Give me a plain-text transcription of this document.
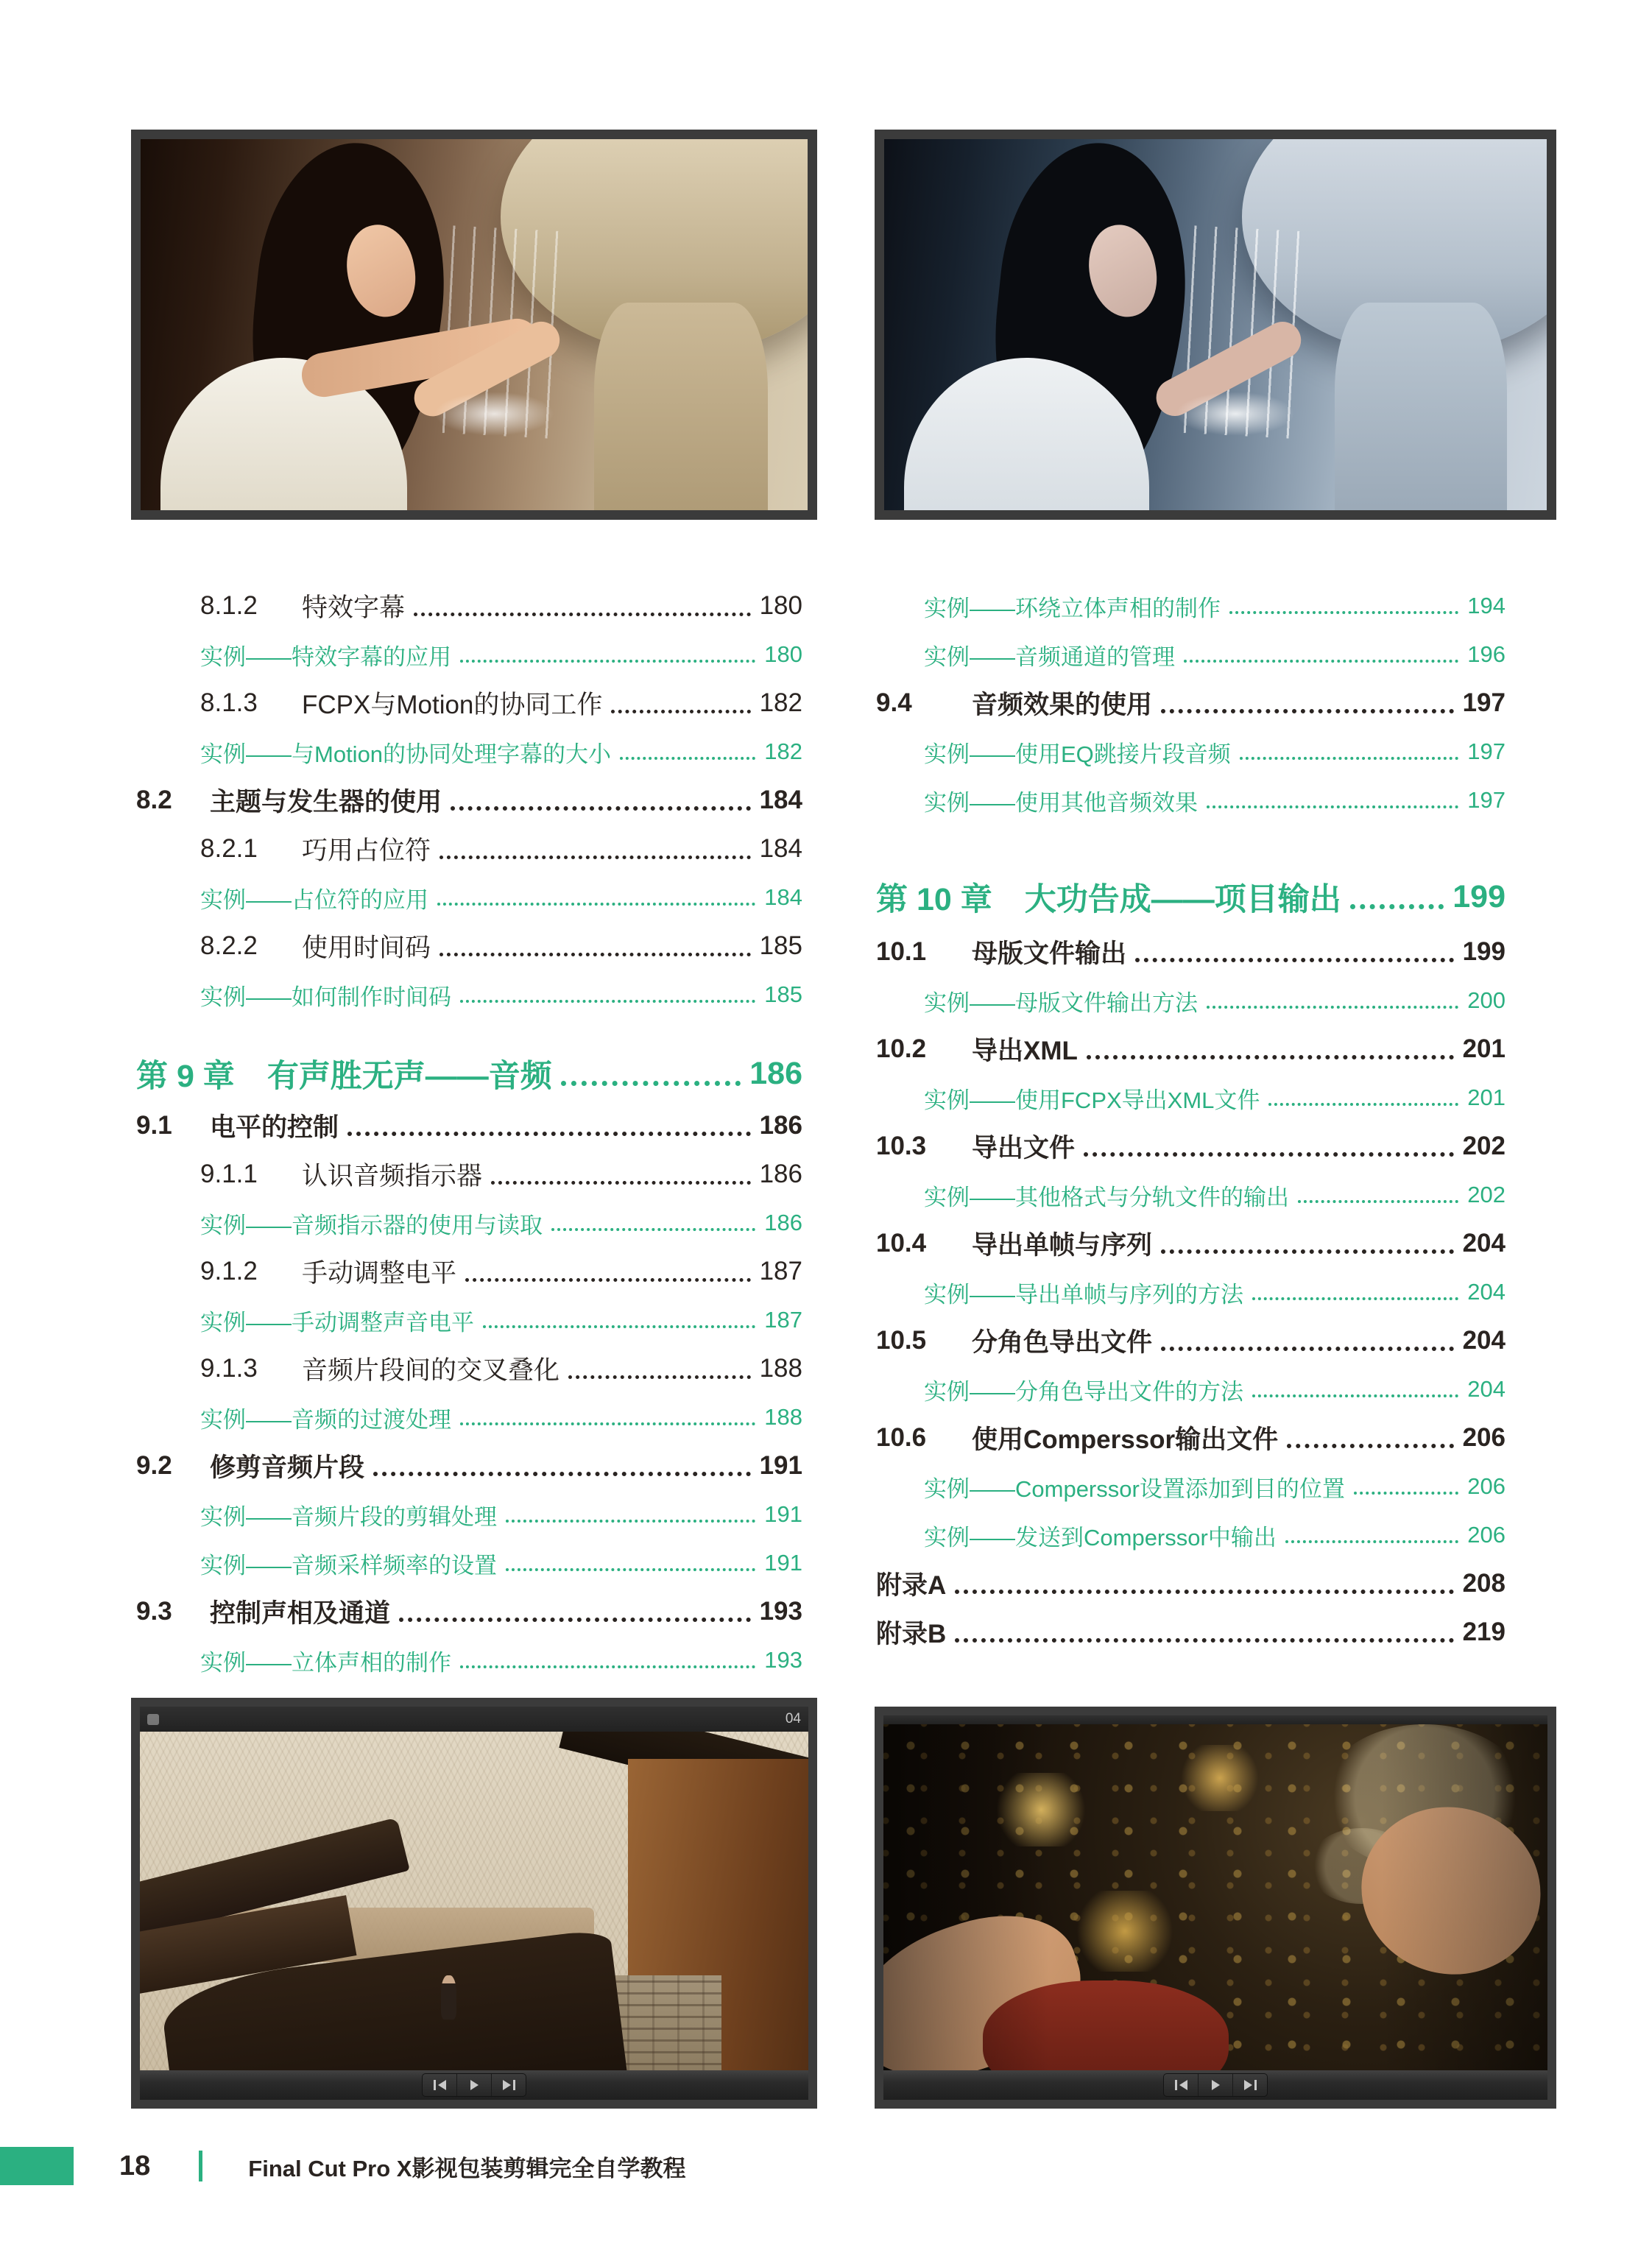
8.1.2	特效字幕	180
实例——特效字幕的应用	180
8.1.3	FCPX与Motion的协同工作	182
实例——与Motion的协同处理字幕的大小	182
8.2	主题与发生器的使用	184
8.2.1	巧用占位符	184
实例——占位符的应用	184
8.2.2	使用时间码	185
实例——如何制作时间码	185
第 9 章 有声胜无声——音频	186
9.1	电平的控制	186
9.1.1	认识音频指示器	186
实例——音频指示器的使用与读取	186
9.1.2	手动调整电平	187
实例——手动调整声音电平	187
9.1.3	音频片段间的交叉叠化	188
实例——音频的过渡处理	188
9.2	修剪音频片段	191
实例——音频片段的剪辑处理	191
实例——音频采样频率的设置	191
9.3	控制声相及通道	193
实例——立体声相的制作	193
实例——环绕立体声相的制作	194
实例——音频通道的管理	196
9.4	音频效果的使用	197
实例——使用EQ跳接片段音频	197
实例——使用其他音频效果	197
第 10 章 大功告成——项目输出	199
10.1	母版文件输出	199
实例——母版文件输出方法	200
10.2	导出XML	201
实例——使用FCPX导出XML文件	201
10.3	导出文件	202
实例——其他格式与分轨文件的输出	202
10.4	导出单帧与序列	204
实例——导出单帧与序列的方法	204
10.5	分角色导出文件	204
实例——分角色导出文件的方法	204
10.6	使用Comperssor输出文件	206
实例——Comperssor设置添加到目的位置	206
实例——发送到Comperssor中输出	206
附录A	208
附录B	219
04
18	Final Cut Pro X影视包装剪辑完全自学教程
